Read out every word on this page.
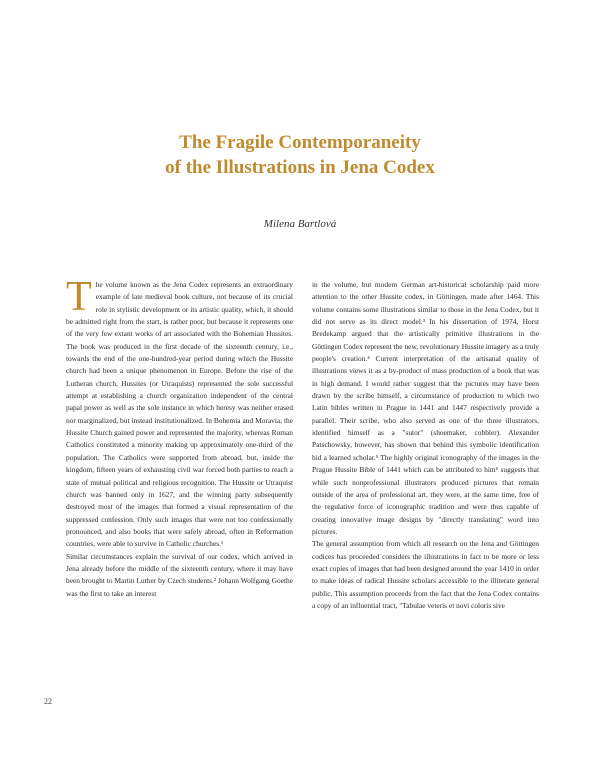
The Fragile Contemporaneity
of the Illustrations in Jena Codex
Milena Bartlová
T he volume known as the Jena Codex represents an extraordinary example of late medieval book culture, not because of its crucial role in stylistic development or its artistic quality, which, it should be admitted right from the start, is rather poor, but because it represents one of the very few extant works of art associated with the Bohemian Hussites. The book was produced in the first decade of the sixteenth century, i.e., towards the end of the one-hundred-year period during which the Hussite church had been a unique phenomenon in Europe. Before the rise of the Lutheran church, Hussites (or Utraquists) represented the sole successful attempt at establishing a church organization independent of the central papal power as well as the sole instance in which heresy was neither erased nor marginalized, but instead institutionalized. In Bohemia and Moravia, the Hussite Church gained power and represented the majority, whereas Roman Catholics constituted a minority making up approximately one-third of the population. The Catholics were supported from abroad, but, inside the kingdom, fifteen years of exhausting civil war forced both parties to reach a state of mutual political and religious recognition. The Hussite or Utraquist church was banned only in 1627, and the winning party subsequently destroyed most of the images that formed a visual representation of the suppressed confession. Only such images that were not too confessionally pronounced, and also books that were safely abroad, often in Reformation countries, were able to survive in Catholic churches.¹

Similar circumstances explain the survival of our codex, which arrived in Jena already before the middle of the sixteenth century, where it may have been brought to Martin Luther by Czech students.² Johann Wolfgang Goethe was the first to take an interest

in the volume, but modern German art-historical scholarship paid more attention to the other Hussite codex, in Göttingen, made after 1464. This volume contains some illustrations similar to those in the Jena Codex, but it did not serve as its direct model.³ In his dissertation of 1974, Horst Bredekamp argued that the artistically primitive illustrations in the Göttingen Codex represent the new, revolutionary Hussite imagery as a truly people's creation.⁴ Current interpretation of the artisanal quality of illustrations views it as a by-product of mass production of a book that was in high demand. I would rather suggest that the pictures may have been drawn by the scribe himself, a circumstance of production to which two Latin bibles written in Prague in 1441 and 1447 respectively provide a parallel. Their scribe, who also served as one of the three illustrators, identified himself as a "sutor" (shoemaker, cobbler). Alexander Patschowsky, however, has shown that behind this symbolic identification hid a learned scholar.⁵ The highly original iconography of the images in the Prague Hussite Bible of 1441 which can be attributed to him⁶ suggests that while such nonprofessional illustrators produced pictures that remain outside of the area of professional art, they were, at the same time, free of the regulative force of iconographic tradition and were thus capable of creating innovative image designs by "directly translating" word into pictures.

The general assumption from which all research on the Jena and Göttingen codices has proceeded considers the illustrations in fact to be more or less exact copies of images that had been designed around the year 1410 in order to make ideas of radical Hussite scholars accessible to the illiterate general public. This assumption proceeds from the fact that the Jena Codex contains a copy of an influential tract, "Tabulae veteris et novi coloris sive

22
